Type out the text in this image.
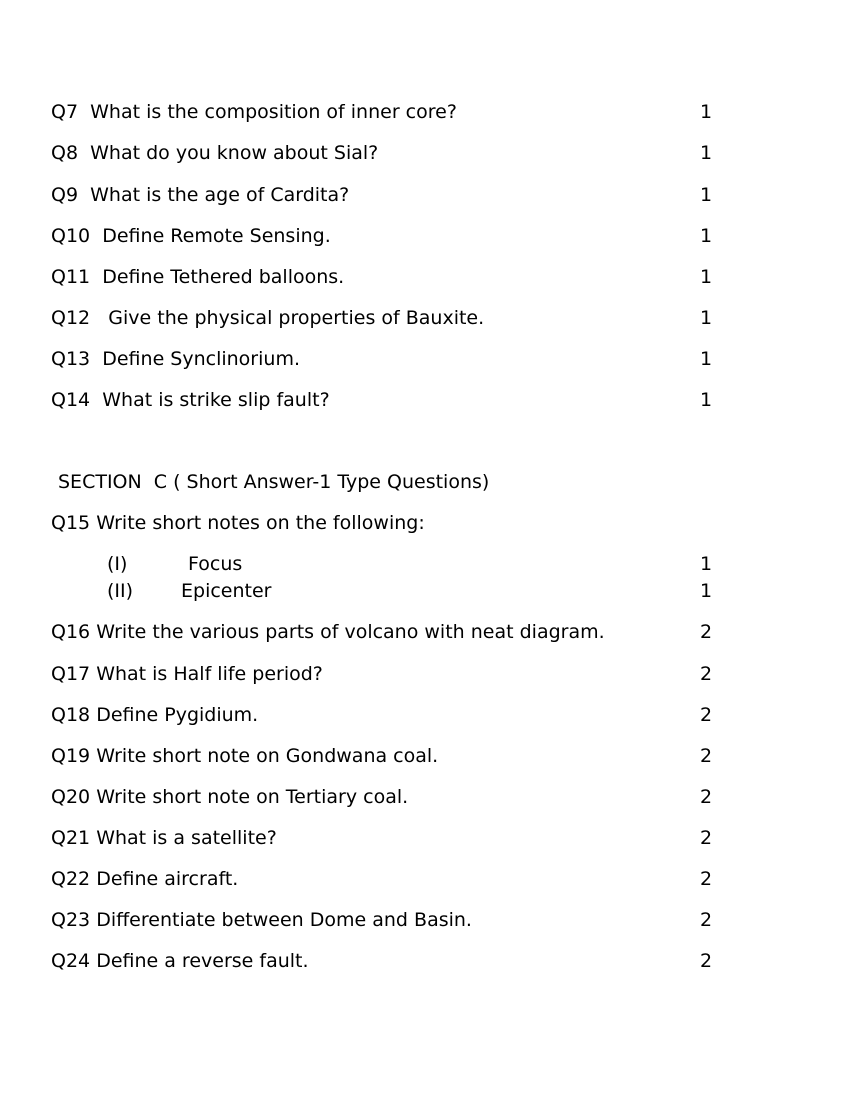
Q7 What is the composition of inner core?	1
Q8 What do you know about Sial?	1
Q9 What is the age of Cardita?	1
Q10 Define Remote Sensing.	1
Q11 Define Tethered balloons.	1
Q12 Give the physical properties of Bauxite.	1
Q13 Define Synclinorium.	1
Q14 What is strike slip fault?	1
SECTION  C ( Short Answer-1 Type Questions)
Q15 Write short notes on the following:
(I)	Focus	1
(II)	Epicenter	1
Q16 Write the various parts of volcano with neat diagram.	2
Q17 What is Half life period?	2
Q18 Define Pygidium.	2
Q19 Write short note on Gondwana coal.	2
Q20 Write short note on Tertiary coal.	2
Q21 What is a satellite?	2
Q22 Define aircraft.	2
Q23 Differentiate between Dome and Basin.	2
Q24 Define a reverse fault.	2
